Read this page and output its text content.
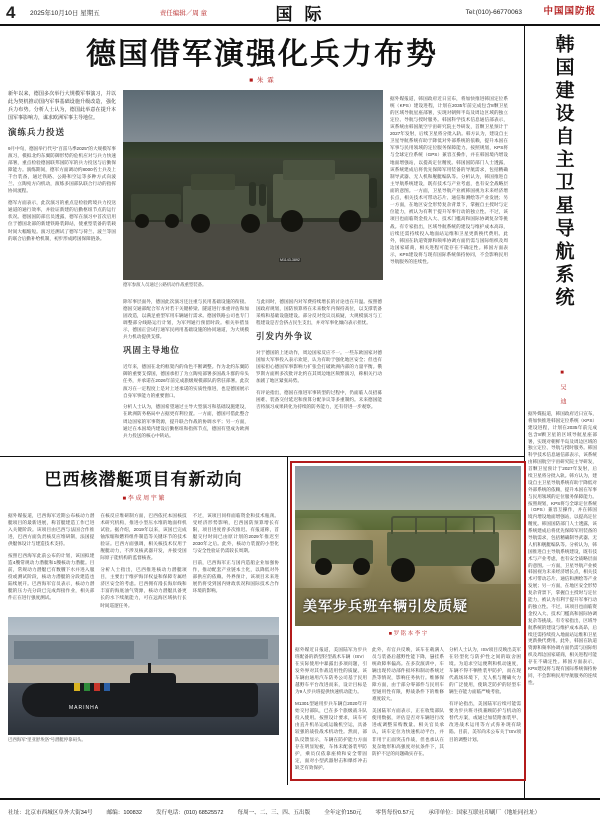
4	2025年10月10日 星期五	责任编辑／周 童	国 际	Tel:(010)-66770063 中国国防报
德国借军演强化兵力布势
■ 朱 霖
新年以来，德国多次举行大规模军事演习，并以此为契机推动国内军事基础设施升级改造，强化兵力布势。分析人士认为，德国此举意在提升本国军事影响力，谋求欧洲军事主导地位。
演练兵力投送

9月中旬，德国举行代号"百雷马季2025"的大规模军事演习，模拟北约东翼防御形势的危机应对与兵力快速部署，重点检验德国联邦国防军的兵力投送与后勤保障能力。演练期间，德军方面调动约8000名士兵及上千台装备，通过铁路、公路和空运等多种方式向波兰、立陶宛方向机动，演练多国部队联合行动的指挥协同流程。

德军方面表示，此次演习的重点是检验跨境兵力投送通道的通行效率，并验证新建的后勤枢纽节点的运行状况。德国国防部官员透露，德军在演习中首次启用位于德国北部的新建铁路装卸站，使重型装备的装载时间大幅缩短。演习还测试了德军与荷兰、波兰等国的联合后勤补给机制，初步形成跨国保障链条。

M1143-3892
德军参演人员通过公路机动作战重型装备。

除军事层面外，德国此次演习还注重与民用基础设施的衔接。德国交通部配合军方对若干关键桥梁、隧道进行承重评估和加固改造，以满足重型军用车辆通行需求。德国铁路公司也专门调整部分线路运行计划，为军列通行预留时段。相关举措显示，德国正尝试打通军民两用基础设施的协同通道，为大规模兵力机动提供支撑。

巩固主导地位

近年来，德国在北约框架内的角色不断调整。作为北约东翼防御的重要支撑国，德国承担了为立陶宛部署多国战斗群的牵头任务，并承诺在2026年前完成旅级规模部队的常驻部署。此次演习在一定程度上是对上述承诺的实质性推进，也是德国展示自身军事能力的重要窗口。

分析人士认为，德国希望通过主导大型演习和基础设施建设，在欧洲防务格局中占据更有利位置。一方面，德国可借此整合周边国家的军事资源，提升联合作战的协调水平；另一方面，通过在本国境内建设后勤枢纽和指挥节点，德国有望成为欧洲兵力投送的核心中转站。

与此同时，德国国内对军费持续增长的讨论也在升温。按照德国政府规划，国防预算将在未来数年内保持高位，以支撑装备采购和基础设施建设。部分反对党议员质疑，大规模演习与工程建设是否会挤占民生支出，并对军事化倾向表示担忧。

引发内外争议

对于德国的上述动作，周边国家反应不一。一些东欧国家对德国加大军事投入表示欢迎，认为有助于强化地区安全；但也有国家担心德国军事影响力扩张会打破欧洲内部的力量平衡。俄罗斯方面则多次批评北约在其周边地区频繁演习，称相关行动加剧了地区紧张局势。

有评论指出，德国在推进军事转型的过程中，仍面临人员招募困难、装备交付延迟和预算分配争议等多重制约。未来德国能否将演习成果转化为持续的防务能力，还有待进一步观察。

据外媒报道，韩国政府近日宣布，将加快推进韩国定位系统（KPS）建设进程，计划在2035年前完成包含8颗卫星的区域导航星座部署，实现对朝鲜半岛及周边区域的独立定位、导航与授时服务。韩国科学技术信息通信部表示，该系统由韩国航空宇宙研究院主导研发，首颗卫星预计于2027年发射，后续卫星将分批入轨。韩方认为，建设自主卫星导航系统有助于降低对外部系统的依赖，提升本国在军事与民用领域的定位服务保障能力。按照规划，KPS将与全球定位系统（GPS）兼容互操作，并在韩国境内增设地面增强站，以提高定位精度。韩国国防部门人士透露，该系统建成后将优先保障军用装备的导航需求，包括精确制导武器、无人机和舰艇编队等。分析认为，韩国推进自主导航系统建设，既有技术与产业考虑，也有安全战略层面的意图。一方面，卫星导航产业被韩国视为未来经济增长点，相关技术可带动芯片、通信和测绘等产业发展；另一方面，在地区安全形势复杂背景下，掌握自主授时与定位能力，被认为有利于提升军事行动的独立性。不过，该项目也面临资金投入大、技术门槛高和国际协调复杂等挑战。有专家指出，区域导航系统的建设与维护成本高昂，后续还需持续投入地面站运维和卫星更新换代费用。此外，韩国在轨道资源和频率协调方面仍需与国际组织及周边国家磋商，相关进程可能存在不确定性。韩国方面表示，KPS建设将与现有国际系统保持协同，不会影响民用导航服务的连续性。

巴西核潜艇项目有新动向
■ 李 成 周 宇 繁

据外媒报道，巴西海军近期公布核动力潜艇项目的最新进展，称首艇建造工作已进入关键阶段。该项目由巴西与法国合作推进，巴西方面负责核反应堆研制，法国提供艇体设计与建造技术支持。

按照巴西海军此前公布的计划，该国拟建造4艘常规动力潜艇和1艘核动力潜艇。目前，常规动力潜艇已有数艘下水并进入服役或测试阶段，核动力潜艇的分段建造也陆续展开。巴西海军官员表示，核动力潜艇的压力壳分段已完成焊接作业，相关部件正在进行强度测试。

在核反应堆研制方面，巴西依托本国核技术研究机构，推进小型压水堆的地面样机试验。据介绍，2019年以来，该国已完成铀浓缩和燃料组件制造等关键环节的技术验证。巴西方面强调，相关核技术仅用于舰艇动力，不涉及核武器开发，并接受国际原子能机构的监督核查。

分析人士指出，巴西推进核动力潜艇项目，主要出于维护海洋权益和保障专属经济区安全的考虑。巴西拥有漫长海岸线和丰富的海底油气资源，核动力潜艇具备更长的水下续航能力，可在远海区域执行长时间巡逻任务。

不过，该项目同样面临资金和技术瓶颈。受经济形势影响，巴西国防预算增长有限，项目进度曾多次推迟。有报道称，首艇交付时间已由原计划的2029年推迟至2030年之后。此外，核动力装置的小型化与安全性验证仍需较长周期。

目前，巴西海军正与国内造船企业加强协作，推动配套产业链本土化，以降低对外部供应的依赖。外界预计，该项目未来进展仍将受到国内财政状况和国际技术合作环境的影响。

MARINHA
巴西海军"里亚舒埃洛"号潜艇停靠码头。
美军步兵班车辆引发质疑
■ 罗 铭 本 李 宇

据外媒近日报道，美国陆军为步兵班配备的新型轻型战术车辆（ISV）在实际使用中暴露出多项问题，引发外界对其作战适用性的质疑。该车辆由通用汽车防务公司基于民用越野车平台改进而来，设计目标是为9人步兵班提供快速机动能力。

M1301型通用步兵车辆自2020年开始交付部队，已在多个旅级战斗队投入使用。按照设计要求，该车可由直升机吊运或运输机空运，具备较强的战役战术机动性。然而，部队反馈显示，车辆在防护能力方面存在明显短板，车体未配备装甲防护，乘员仅依靠座椅和安全带固定，面对小型武器射击和爆炸冲击缺乏有效保护。

此外，有官兵反映，该车在载满人员与装备后越野性能下降，悬挂系统故障率偏高。在多次演训中，车辆出现传动部件损坏和制动系统过热等情况，影响任务执行。维修保障方面，由于部分零部件与民用车型通用性有限，野战条件下的维修难度较大。

美国陆军方面表示，正在收集部队使用数据，评估是否对车辆进行改进或调整采购数量。相关官员承认，该车定位为快速机动平台，并非用于正面突击作战，但也承认在复杂地形和高强度对抗条件下，其防护不足的问题确实存在。

分析人士认为，ISV项目反映出美军在轻型化与防护性之间的取舍困境。为追求空运便利和机动速度，车辆不得不牺牲装甲防护，而在现代战场环境下，无人机与精确火力的广泛使用，使缺乏防护的轻型车辆生存能力面临严峻考验。

有评论指出，美国陆军后续可能需要为步兵班寻找兼顾防护与机动的替代方案，或通过加装附加装甲、改进战术运用等方式弥补现有缺陷。目前，美军尚未公布关于ISV项目的调整计划。

韩国建设自主卫星导航系统
■ 吴 迪
据外媒报道，韩国政府近日宣布，将加快推进韩国定位系统（KPS）建设进程，计划在2035年前完成包含8颗卫星的区域导航星座部署，实现对朝鲜半岛及周边区域的独立定位、导航与授时服务。韩国科学技术信息通信部表示，该系统由韩国航空宇宙研究院主导研发，首颗卫星预计于2027年发射，后续卫星将分批入轨。韩方认为，建设自主卫星导航系统有助于降低对外部系统的依赖，提升本国在军事与民用领域的定位服务保障能力。按照规划，KPS将与全球定位系统（GPS）兼容互操作，并在韩国境内增设地面增强站，以提高定位精度。韩国国防部门人士透露，该系统建成后将优先保障军用装备的导航需求，包括精确制导武器、无人机和舰艇编队等。分析认为，韩国推进自主导航系统建设，既有技术与产业考虑，也有安全战略层面的意图。一方面，卫星导航产业被韩国视为未来经济增长点，相关技术可带动芯片、通信和测绘等产业发展；另一方面，在地区安全形势复杂背景下，掌握自主授时与定位能力，被认为有利于提升军事行动的独立性。不过，该项目也面临资金投入大、技术门槛高和国际协调复杂等挑战。有专家指出，区域导航系统的建设与维护成本高昂，后续还需持续投入地面站运维和卫星更新换代费用。此外，韩国在轨道资源和频率协调方面仍需与国际组织及周边国家磋商，相关进程可能存在不确定性。韩国方面表示，KPS建设将与现有国际系统保持协同，不会影响民用导航服务的连续性。
社址：北京市西城区阜外大街34号	邮编：100832	发行电话：(010) 68525572	每周一、二、三、四、五出版	全年定价150元	零售每份0.57元	承印单位：国家互联社印刷厂（地址同社址）
